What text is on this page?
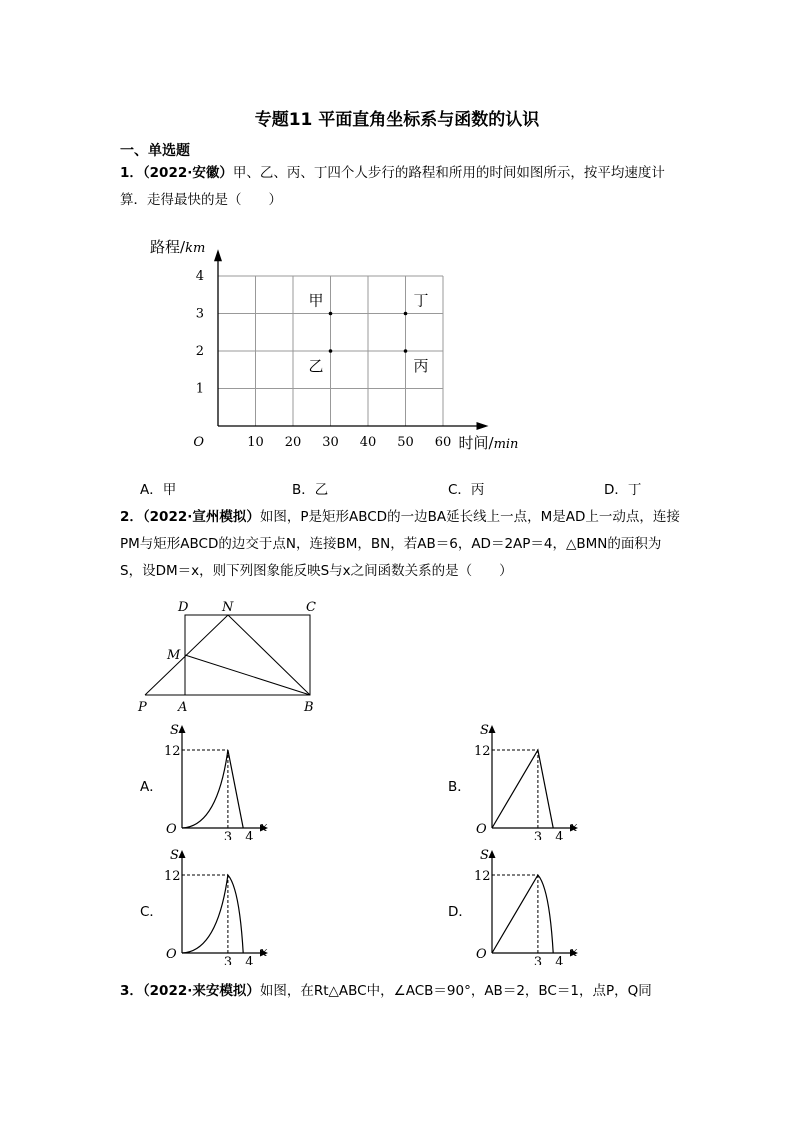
专题11 平面直角坐标系与函数的认识
一、单选题
1．（2022·安徽）甲、乙、丙、丁四个人步行的路程和所用的时间如图所示，按平均速度计算．走得最快的是（　　）
10 20 30 40 50 60
1
2
3
4
O
路程/km
时间/min
甲
乙	丙
丁
A．甲	B．乙	C．丙	D．丁
2．（2022·宣州模拟）如图，P是矩形ABCD的一边BA延长线上一点，M是AD上一动点，连接PM与矩形ABCD的边交于点N，连接BM，BN，若AB＝6，AD＝2AP＝4，△BMN的面积为S，设DM＝x，则下列图象能反映S与x之间函数关系的是（　　）
D	N	C
M
P A	B
A．	B．
C．	D．
S
12
O
3 4
x
S
12
O
3 4
x
S
12
O
3 4
x
S
12
O
3 4
x
3．（2022·来安模拟）如图，在Rt△ABC中，∠ACB＝90°，AB＝2，BC＝1，点P，Q同
